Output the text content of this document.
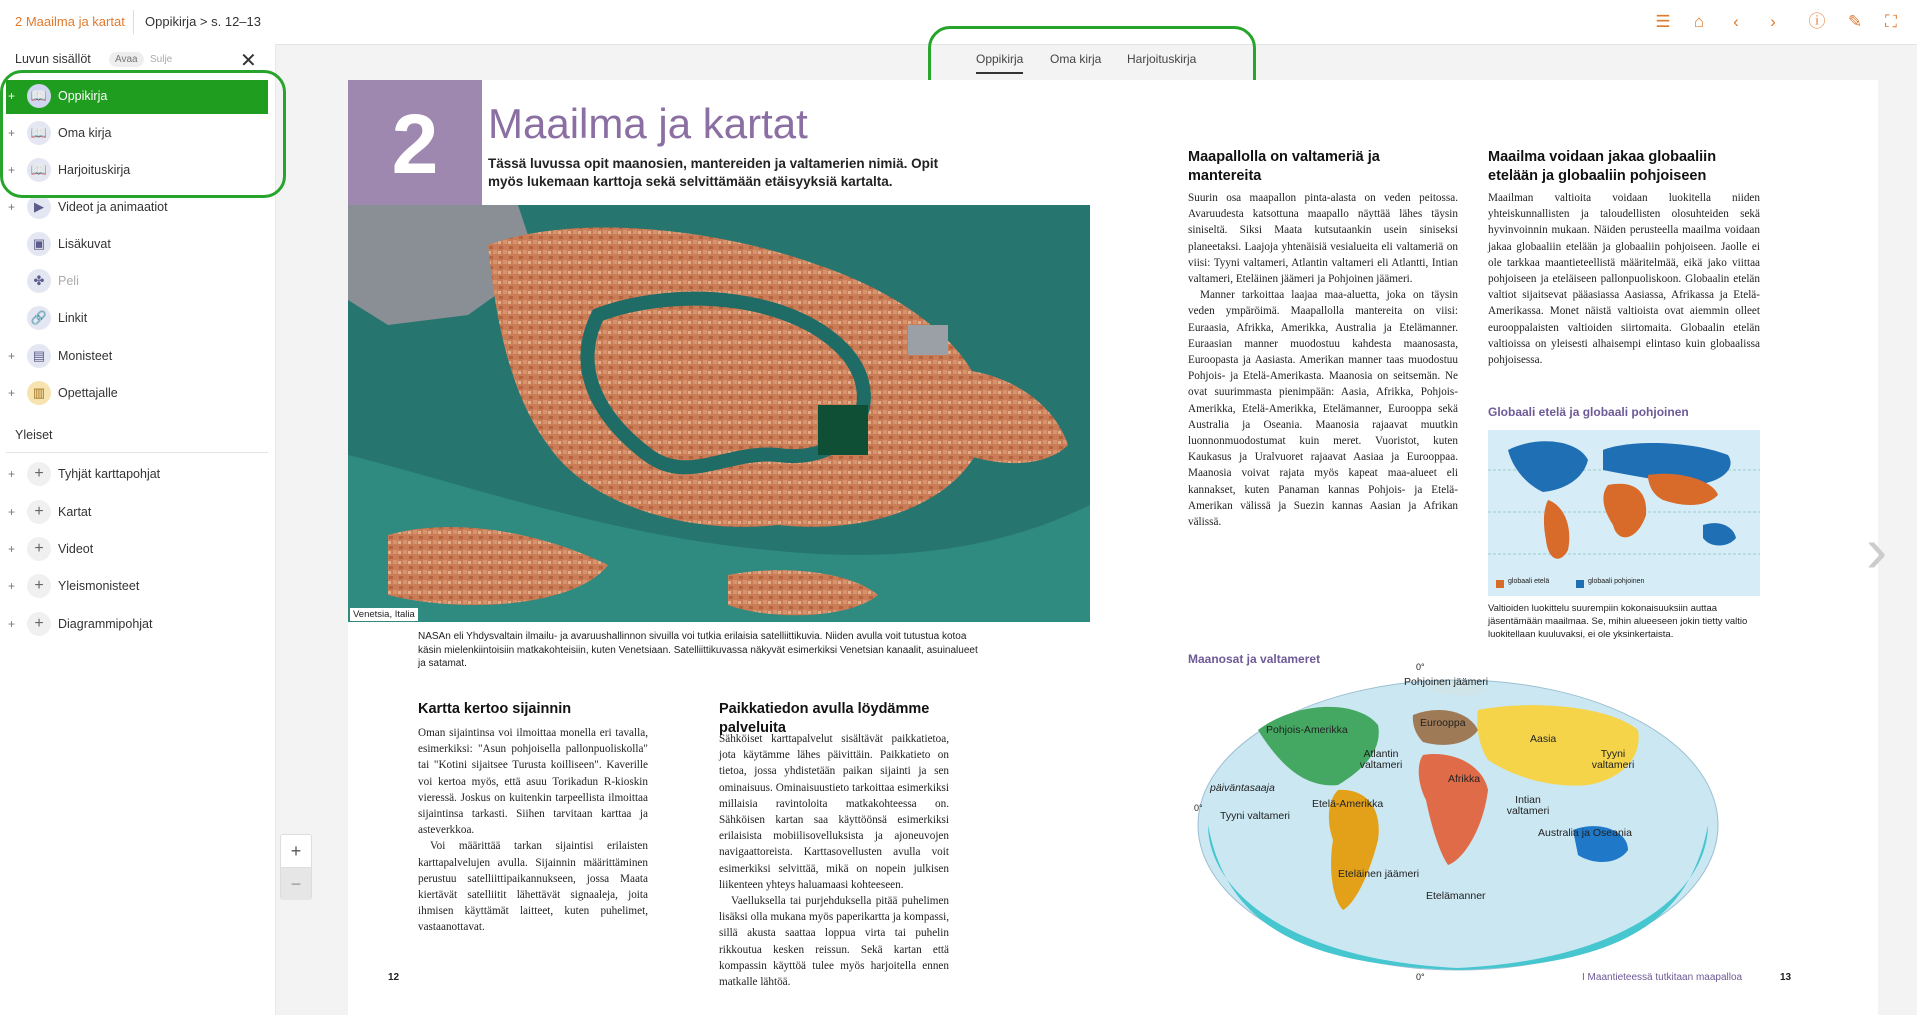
2 Maailma ja kartat Oppikirja > s. 12–13	☰	⌂	‹	›	ⓘ ✎ ⛶
Luvun sisällöt	Avaa	Sulje	✕
+	📖 Oppikirja
+	📖 Oma kirja
+	📖 Harjoituskirja
+	▶	Videot ja animaatiot
▣	Lisäkuvat
✤	Peli
🔗 Linkit
+	▤	Monisteet
+	▥	Opettajalle
Yleiset
+	+	Tyhjät karttapohjat
+	+	Kartat
+	+	Videot
+	+	Yleismonisteet
+	+	Diagrammipohjat
+
−
Oppikirja Oma kirja Harjoituskirja
2	Maailma ja kartat
Tässä luvussa opit maanosien, mantereiden ja valtamerien nimiä. Opit myös lukemaan karttoja sekä selvittämään etäisyyksiä kartalta.
Venetsia, Italia
NASAn eli Yhdysvaltain ilmailu- ja avaruushallinnon sivuilla voi tutkia erilaisia satelliittikuvia. Niiden avulla voit tutustua kotoa käsin mielenkiintoisiin matkakohteisiin, kuten Venetsiaan. Satelliittikuvassa näkyvät esimerkiksi Venetsian kanaalit, asuinalueet ja satamat.
Kartta kertoo sijainnin

Oman sijaintinsa voi ilmoittaa monella eri tavalla, esimerkiksi: "Asun pohjoisella pallonpuoliskolla" tai "Kotini sijaitsee Turusta koilliseen". Kaverille voi kertoa myös, että asuu Torikadun R-kioskin vieressä. Joskus on kuitenkin tarpeellista ilmoittaa sijaintinsa tarkasti. Siihen tarvitaan karttaa ja asteverkkoa.

Voi määrittää tarkan sijaintisi erilaisten karttapalvelujen avulla. Sijainnin määrittäminen perustuu satelliittipaikannukseen, jossa Maata kiertävät satelliitit lähettävät signaaleja, joita ihmisen käyttämät laitteet, kuten puhelimet, vastaanottavat.

Paikkatiedon avulla löydämme palveluita

Sähköiset karttapalvelut sisältävät paikkatietoa, jota käytämme lähes päivittäin. Paikkatieto on tietoa, jossa yhdistetään paikan sijainti ja sen ominaisuus. Ominaisuustieto tarkoittaa esimerkiksi millaisia ravintoloita matkakohteessa on. Sähköisen kartan saa käyttöönsä esimerkiksi erilaisista mobiilisovelluksista ja ajoneuvojen navigaattoreista. Karttasovellusten avulla voit esimerkiksi selvittää, mikä on nopein julkisen liikenteen yhteys haluamaasi kohteeseen.

Vaelluksella tai purjehduksella pitää puhelimen lisäksi olla mukana myös paperikartta ja kompassi, sillä akusta saattaa loppua virta tai puhelin rikkoutua kesken reissun. Sekä kartan että kompassin käyttöä tulee myös harjoitella ennen matkalle lähtöä.

12
Maapallolla on valtameriä ja mantereita

Suurin osa maapallon pinta-alasta on veden peitossa. Avaruudesta katsottuna maapallo näyttää lähes täysin siniseltä. Siksi Maata kutsutaankin usein siniseksi planeetaksi. Laajoja yhtenäisiä vesialueita eli valtameriä on viisi: Tyyni valtameri, Atlantin valtameri eli Atlantti, Intian valtameri, Eteläinen jäämeri ja Pohjoinen jäämeri.

Manner tarkoittaa laajaa maa-aluetta, joka on täysin veden ympäröimä. Maapallolla mantereita on viisi: Euraasia, Afrikka, Amerikka, Australia ja Etelämanner. Euraasian manner muodostuu kahdesta maanosasta, Euroopasta ja Aasiasta. Amerikan manner taas muodostuu Pohjois- ja Etelä-Amerikasta. Maanosia on seitsemän. Ne ovat suurimmasta pienimpään: Aasia, Afrikka, Pohjois-Amerikka, Etelä-Amerikka, Etelämanner, Eurooppa sekä Australia ja Oseania. Maanosia rajaavat muutkin luonnonmuodostumat kuin meret. Vuoristot, kuten Kaukasus ja Uralvuoret rajaavat Aasiaa ja Eurooppaa. Maanosia voivat rajata myös kapeat maa-alueet eli kannakset, kuten Panaman kannas Pohjois- ja Etelä-Amerikan välissä ja Suezin kannas Aasian ja Afrikan välissä.

Maailma voidaan jakaa globaaliin etelään ja globaaliin pohjoiseen

Maailman valtioita voidaan luokitella niiden yhteiskunnallisten ja taloudellisten olosuhteiden sekä hyvinvoinnin mukaan. Näiden perusteella maailma voidaan jakaa globaaliin etelään ja globaaliin pohjoiseen. Jaolle ei ole tarkkaa maantieteellistä määritelmää, eikä jako viittaa pohjoiseen ja eteläiseen pallonpuoliskoon. Globaalin etelän valtiot sijaitsevat pääasiassa Aasiassa, Afrikassa ja Etelä-Amerikassa. Monet näistä valtioista ovat aiemmin olleet eurooppalaisten valtioiden siirtomaita. Globaalin etelän valtioissa on yleisesti alhaisempi elintaso kuin globaalissa pohjoisessa.

Globaali etelä ja globaali pohjoinen
globaali etelä	globaali pohjoinen
Valtioiden luokittelu suurempiin kokonaisuuksiin auttaa jäsentämään maailmaa. Se, mihin alueeseen jokin tietty valtio luokitellaan kuuluvaksi, ei ole yksinkertaista.
Maanosat ja valtameret
0°
0°
0°
Pohjoinen jäämeri
Pohjois-Amerikka
Eurooppa
Aasia
Atlantin valtameri
Tyyni valtameri
päiväntasaaja
Afrikka
Etelä-Amerikka
Tyyni valtameri
Intian valtameri
Australia ja Oseania
Eteläinen jäämeri
Etelämanner
I Maantieteessä tutkitaan maapalloa	13
›
